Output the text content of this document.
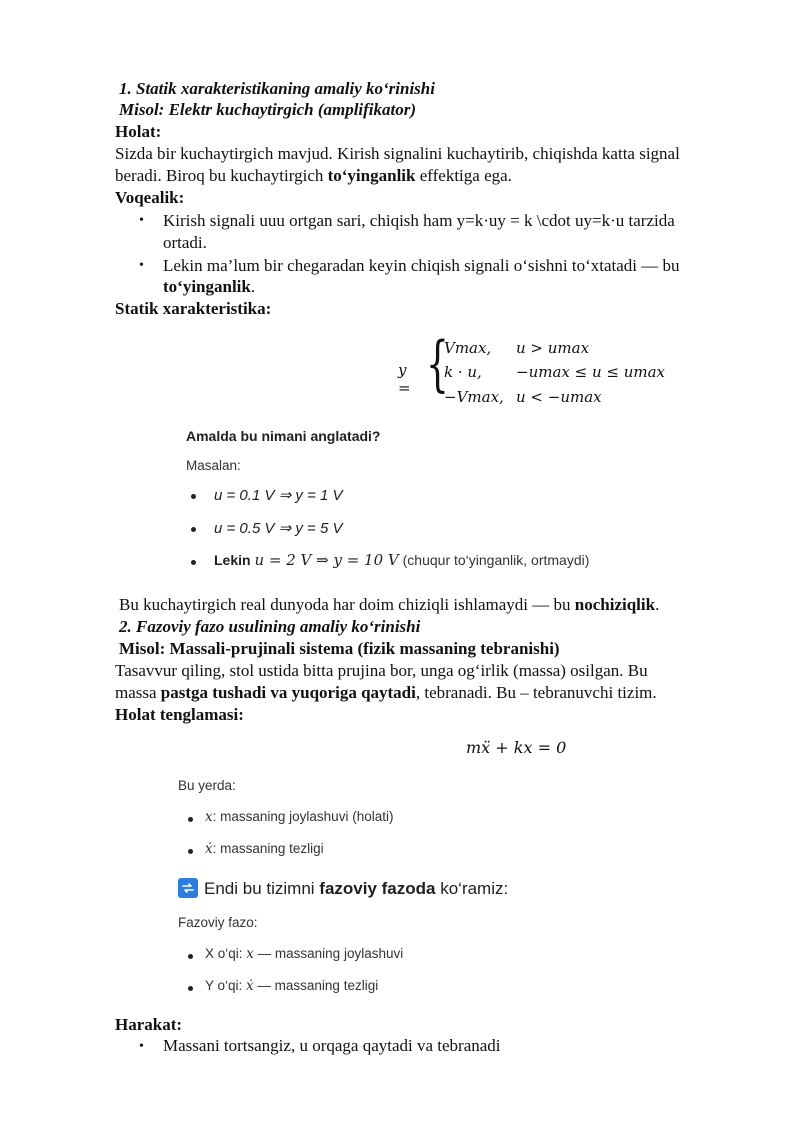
1. Statik xarakteristikaning amaliy ko‘rinishi
Misol: Elektr kuchaytirgich (amplifikator)
Holat:
Sizda bir kuchaytirgich mavjud. Kirish signalini kuchaytirib, chiqishda katta signal
beradi. Biroq bu kuchaytirgich to‘yinganlik effektiga ega.
Voqealik:
• Kirish signali uuu ortgan sari, chiqish ham y=k·uy = k \cdot uy=k·u tarzida
ortadi.
• Lekin ma’lum bir chegaradan keyin chiqish signali o‘sishni to‘xtatadi — bu
to‘yinganlik.
Statik xarakteristika:
y = {
Vmax, u > umax
k · u, −umax ≤ u ≤ umax
−Vmax, u < −umax
Amalda bu nimani anglatadi?
Masalan:
u = 0.1 V ⇒ y = 1 V
u = 0.5 V ⇒ y = 5 V
Lekin u = 2 V ⇒ y = 10 V (chuqur to‘yinganlik, ortmaydi)
Bu kuchaytirgich real dunyoda har doim chiziqli ishlamaydi — bu nochiziqlik.
2. Fazoviy fazo usulining amaliy ko‘rinishi
Misol: Massali-prujinali sistema (fizik massaning tebranishi)
Tasavvur qiling, stol ustida bitta prujina bor, unga og‘irlik (massa) osilgan. Bu
massa pastga tushadi va yuqoriga qaytadi, tebranadi. Bu – tebranuvchi tizim.
Holat tenglamasi:
mẍ + kx = 0
Bu yerda:
x: massaning joylashuvi (holati)
ẋ: massaning tezligi
Endi bu tizimni fazoviy fazoda ko‘ramiz:
Fazoviy fazo:
X o‘qi: x — massaning joylashuvi
Y o‘qi: ẋ — massaning tezligi
Harakat:
• Massani tortsangiz, u orqaga qaytadi va tebranadi
